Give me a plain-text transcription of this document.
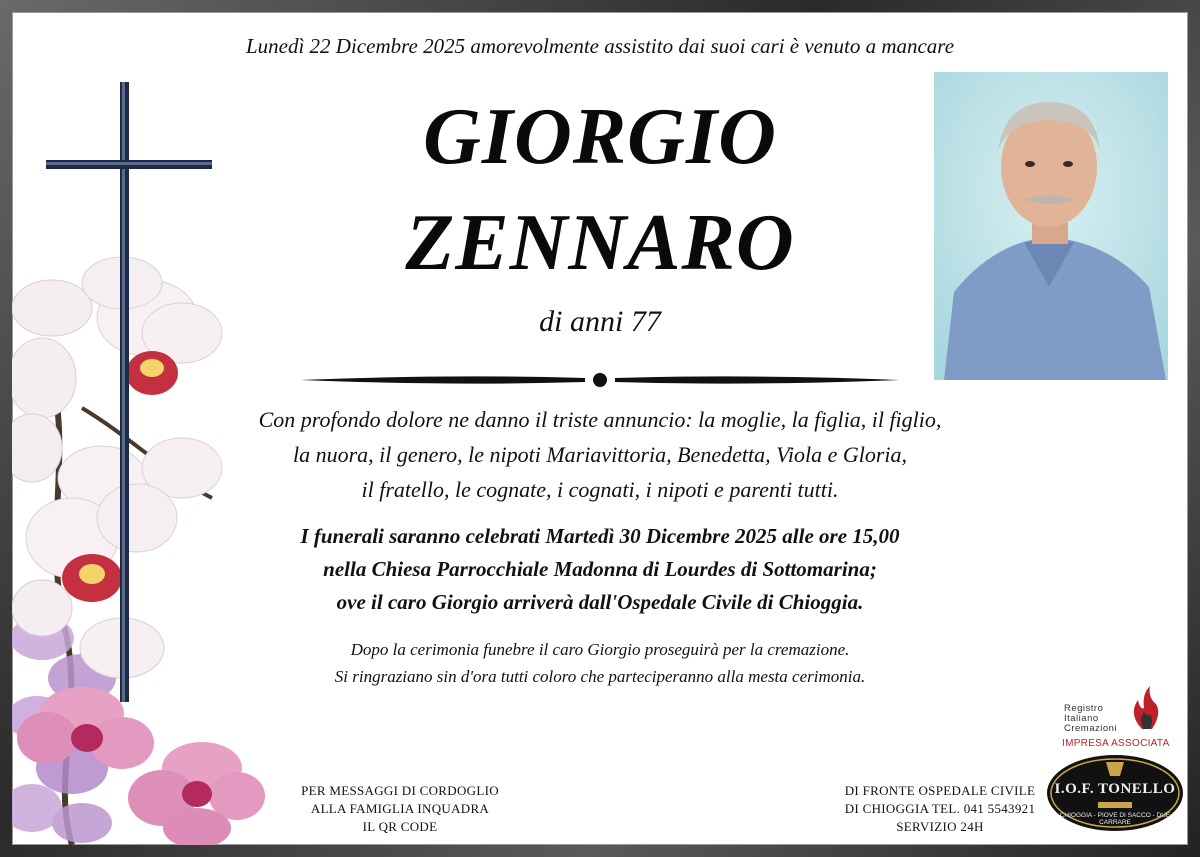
Lunedì 22 Dicembre 2025 amorevolmente assistito dai suoi cari è venuto a mancare
GIORGIO
ZENNARO
di anni 77
Con profondo dolore ne danno il triste annuncio: la moglie, la figlia, il figlio,
la nuora, il genero, le nipoti Mariavittoria, Benedetta, Viola e Gloria,
il fratello, le cognate, i cognati, i nipoti e parenti tutti.
I funerali saranno celebrati Martedì 30 Dicembre 2025 alle ore 15,00
nella Chiesa Parrocchiale Madonna di Lourdes di Sottomarina;
ove il caro Giorgio arriverà dall'Ospedale Civile di Chioggia.
Dopo la cerimonia funebre il caro Giorgio proseguirà per la cremazione.
Si ringraziano sin d'ora tutti coloro che parteciperanno alla mesta cerimonia.
PER MESSAGGI DI CORDOGLIO
ALLA FAMIGLIA INQUADRA
IL QR CODE
DI FRONTE OSPEDALE CIVILE
DI CHIOGGIA TEL. 041 5543921
SERVIZIO 24H
Registro
Italiano
Cremazioni
IMPRESA ASSOCIATA
I.O.F. TONELLO
CHIOGGIA - PIOVE DI SACCO - DUE CARRARE
